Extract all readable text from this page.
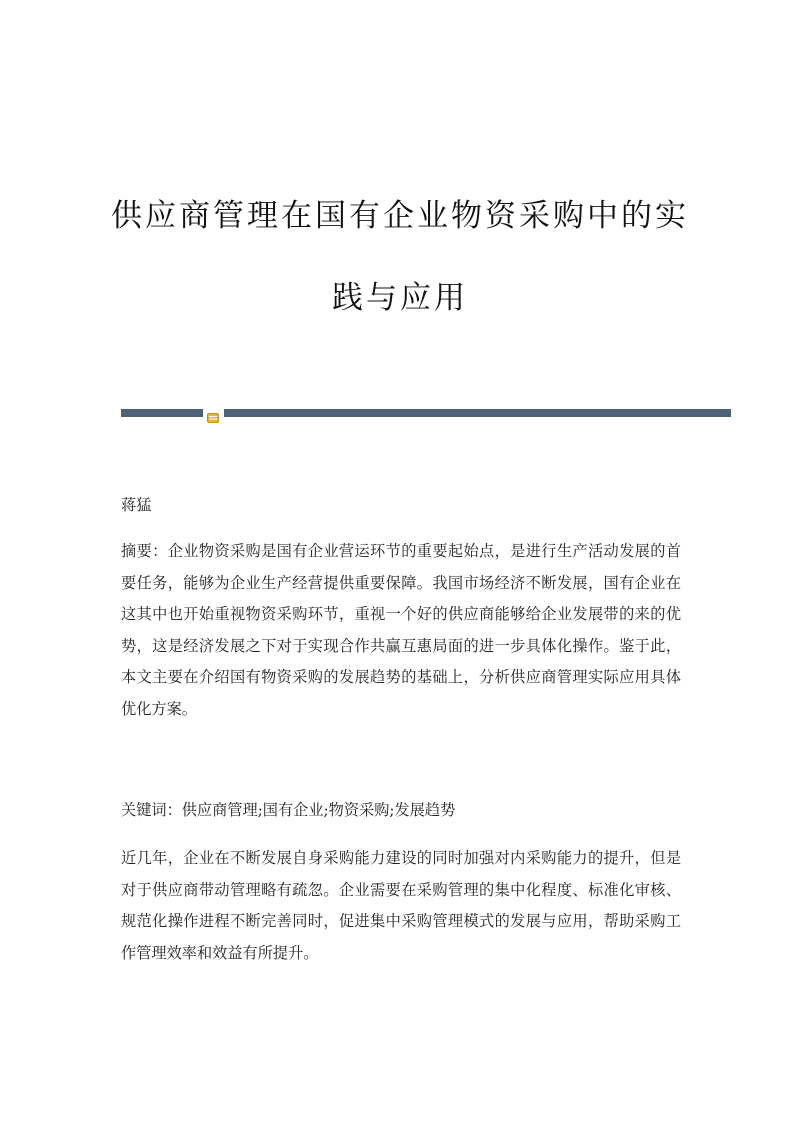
供应商管理在国有企业物资采购中的实
践与应用
蒋猛
摘要：企业物资采购是国有企业营运环节的重要起始点，是进行生产活动发展的首要任务，能够为企业生产经营提供重要保障。我国市场经济不断发展，国有企业在这其中也开始重视物资采购环节，重视一个好的供应商能够给企业发展带的来的优势，这是经济发展之下对于实现合作共赢互惠局面的进一步具体化操作。鉴于此，本文主要在介绍国有物资采购的发展趋势的基础上，分析供应商管理实际应用具体优化方案。
关键词：供应商管理;国有企业;物资采购;发展趋势
近几年，企业在不断发展自身采购能力建设的同时加强对内采购能力的提升，但是对于供应商带动管理略有疏忽。企业需要在采购管理的集中化程度、标准化审核、规范化操作进程不断完善同时，促进集中采购管理模式的发展与应用，帮助采购工作管理效率和效益有所提升。
